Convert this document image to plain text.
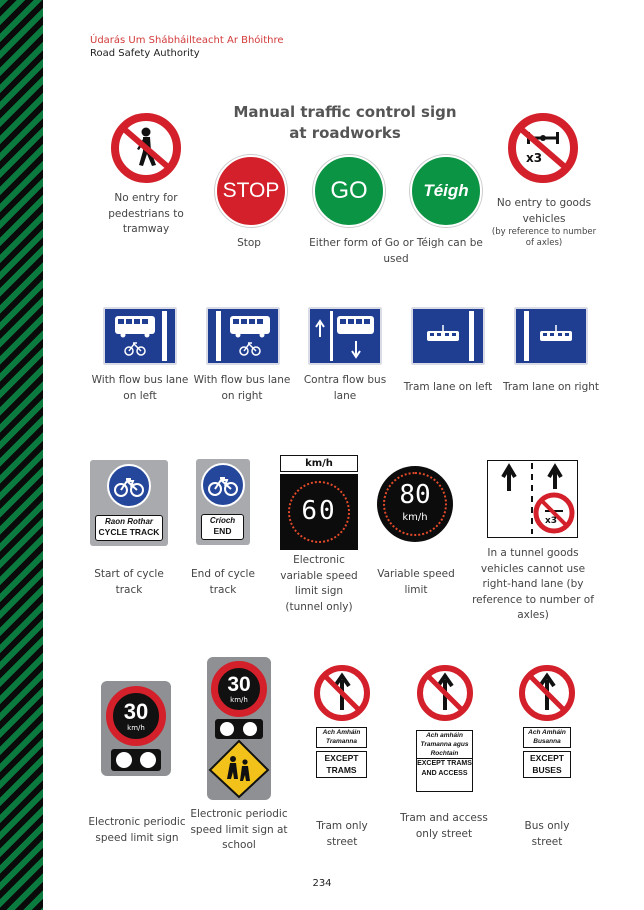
Údarás Um Shábháilteacht Ar Bhóithre
Road Safety Authority
Manual traffic control sign at roadworks
No entry for pedestrians to tramway
STOP
Stop
GO	Téigh
Either form of Go or Téigh can be used
x3
No entry to goods vehicles
(by reference to number of axles)
With flow bus lane on left
With flow bus lane on right
Contra flow bus lane
Tram lane on left	Tram lane on right
Raon Rothar
CYCLE TRACK
Start of cycle track
Críoch
END
End of cycle track
km/h
60
Electronic variable speed limit sign (tunnel only)
80
km/h
Variable speed limit
x3
In a tunnel goods vehicles cannot use right-hand lane (by reference to number of axles)
30
km/h
Electronic periodic speed limit sign
30
km/h
Electronic periodic speed limit sign at school
Ach Amháin Tramanna
EXCEPT TRAMS
Tram only street
Ach amháin Tramanna agus Rochtain
EXCEPT TRAMS AND ACCESS
Tram and access only street
Ach Amháin Busanna
EXCEPT BUSES
Bus only street
234
